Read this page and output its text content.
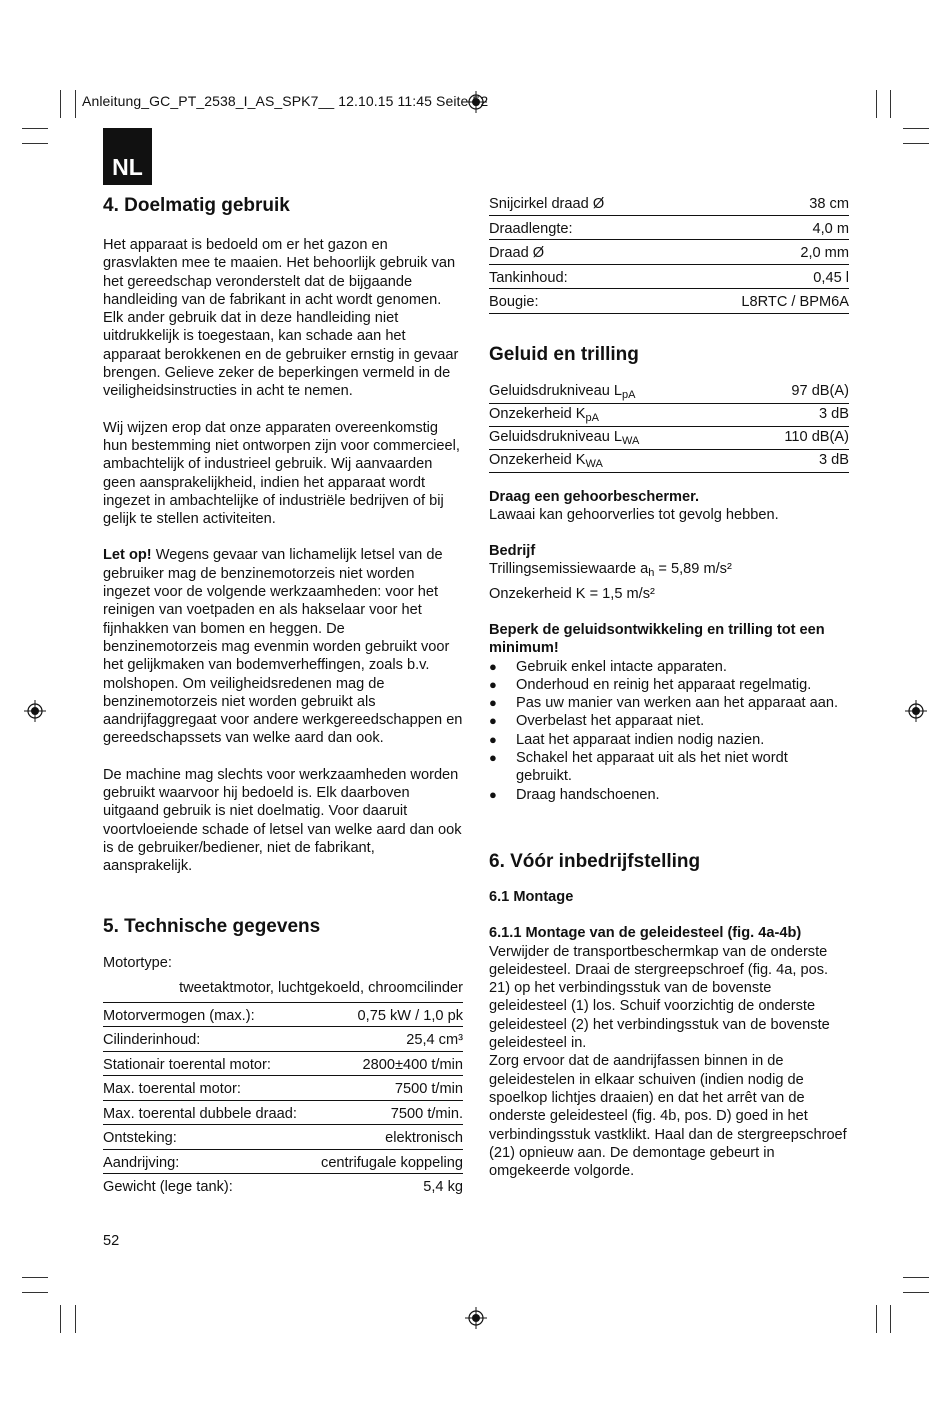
Anleitung_GC_PT_2538_I_AS_SPK7__ 12.10.15 11:45 Seite 52
NL
4. Doelmatig gebruik

Het apparaat is bedoeld om er het gazon en grasvlakten mee te maaien. Het behoorlijk gebruik van het gereedschap veronderstelt dat de bijgaande handleiding van de fabrikant in acht wordt genomen. Elk ander gebruik dat in deze handleiding niet uitdrukkelijk is toegestaan, kan schade aan het apparaat berokkenen en de gebruiker ernstig in gevaar brengen. Gelieve zeker de beperkingen vermeld in de veiligheidsinstructies in acht te nemen.

Wij wijzen erop dat onze apparaten overeenkomstig hun bestemming niet ontworpen zijn voor commercieel, ambachtelijk of industrieel gebruik. Wij aanvaarden geen aansprakelijkheid, indien het apparaat wordt ingezet in ambachtelijke of industriële bedrijven of bij gelijk te stellen activiteiten.

Let op! Wegens gevaar van lichamelijk letsel van de gebruiker mag de benzinemotorzeis niet worden ingezet voor de volgende werkzaamheden: voor het reinigen van voetpaden en als hakselaar voor het fijnhakken van bomen en heggen. De benzinemotorzeis mag evenmin worden gebruikt voor het gelijkmaken van bodemverheffingen, zoals b.v. molshopen. Om veiligheidsredenen mag de benzinemotorzeis niet worden gebruikt als aandrijfaggregaat voor andere werkgereedschappen en gereedschapssets van welke aard dan ook.

De machine mag slechts voor werkzaamheden worden gebruikt waarvoor hij bedoeld is. Elk daarboven uitgaand gebruik is niet doelmatig. Voor daaruit voortvloeiende schade of letsel van welke aard dan ook is de gebruiker/bediener, niet de fabrikant, aansprakelijk.

5. Technische gegevens

Motortype:

tweetaktmotor, luchtgekoeld, chroomcilinder
Motorvermogen (max.):	0,75 kW / 1,0 pk
Cilinderinhoud:	25,4 cm³
Stationair toerental motor:	2800±400 t/min
Max. toerental motor:	7500 t/min
Max. toerental dubbele draad:	7500 t/min.
Ontsteking:	elektronisch
Aandrijving:	centrifugale koppeling
Gewicht (lege tank):	5,4 kg
Snijcirkel draad Ø	38 cm
Draadlengte:	4,0 m
Draad Ø	2,0 mm
Tankinhoud:	0,45 l
Bougie:	L8RTC / BPM6A
Geluid en trilling
Geluidsdrukniveau $L_{pA}$	97 dB(A)
Onzekerheid $K_{pA}$	3 dB
Geluidsdrukniveau $L_{WA}$	110 dB(A)
Onzekerheid $K_{WA}$	3 dB

Draag een gehoorbeschermer.

Lawaai kan gehoorverlies tot gevolg hebben.

Bedrijf

Trillingsemissiewaarde $a_h = 5,89$ m/s²

Onzekerheid K = 1,5 m/s²

Beperk de geluidsontwikkeling en trilling tot een minimum!

● Gebruik enkel intacte apparaten.
● Onderhoud en reinig het apparaat regelmatig.
● Pas uw manier van werken aan het apparaat aan.
● Overbelast het apparaat niet.
● Laat het apparaat indien nodig nazien.
● Schakel het apparaat uit als het niet wordt gebruikt.
● Draag handschoenen.
6. Vóór inbedrijfstelling

6.1 Montage

6.1.1 Montage van de geleidesteel (fig. 4a-4b)

Verwijder de transportbeschermkap van de onderste geleidesteel. Draai de stergreepschroef (fig. 4a, pos. 21) op het verbindingsstuk van de bovenste geleidesteel (1) los. Schuif voorzichtig de onderste geleidesteel (2) het verbindingsstuk van de bovenste geleidesteel in.

Zorg ervoor dat de aandrijfassen binnen in de geleidestelen in elkaar schuiven (indien nodig de spoelkop lichtjes draaien) en dat het arrêt van de onderste geleidesteel (fig. 4b, pos. D) goed in het verbindingsstuk vastklikt. Haal dan de stergreepschroef (21) opnieuw aan. De demontage gebeurt in omgekeerde volgorde.

52
